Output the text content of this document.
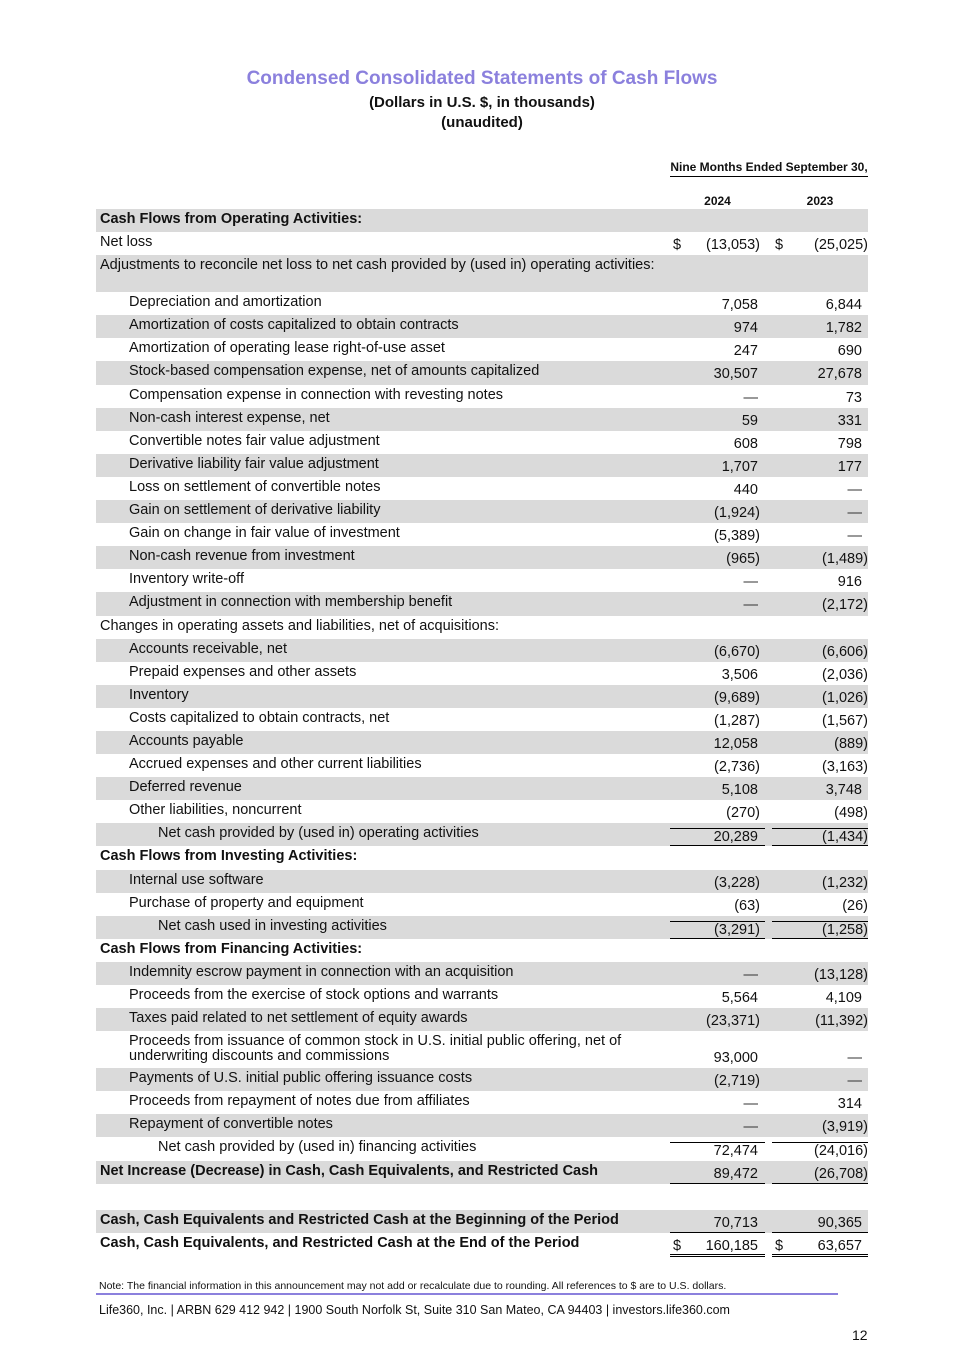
Condensed Consolidated Statements of Cash Flows
(Dollars in U.S. $, in thousands)
(unaudited)
Nine Months Ended September 30,
2024	2023
Cash Flows from Operating Activities:
Net loss	$ (13,053)	$ (25,025)
Adjustments to reconcile net loss to net cash provided by (used in) operating activities:
Depreciation and amortization	7,058	6,844
Amortization of costs capitalized to obtain contracts	974	1,782
Amortization of operating lease right-of-use asset	247	690
Stock-based compensation expense, net of amounts capitalized	30,507	27,678
Compensation expense in connection with revesting notes	—	73
Non-cash interest expense, net	59	331
Convertible notes fair value adjustment	608	798
Derivative liability fair value adjustment	1,707	177
Loss on settlement of convertible notes	440	—
Gain on settlement of derivative liability	(1,924)	—
Gain on change in fair value of investment	(5,389)	—
Non-cash revenue from investment	(965)	(1,489)
Inventory write-off	—	916
Adjustment in connection with membership benefit	—	(2,172)
Changes in operating assets and liabilities, net of acquisitions:
Accounts receivable, net	(6,670)	(6,606)
Prepaid expenses and other assets	3,506	(2,036)
Inventory	(9,689)	(1,026)
Costs capitalized to obtain contracts, net	(1,287)	(1,567)
Accounts payable	12,058	(889)
Accrued expenses and other current liabilities	(2,736)	(3,163)
Deferred revenue	5,108	3,748
Other liabilities, noncurrent	(270)	(498)
Net cash provided by (used in) operating activities	20,289	(1,434)
Cash Flows from Investing Activities:
Internal use software	(3,228)	(1,232)
Purchase of property and equipment	(63)	(26)
Net cash used in investing activities	(3,291)	(1,258)
Cash Flows from Financing Activities:
Indemnity escrow payment in connection with an acquisition	—	(13,128)
Proceeds from the exercise of stock options and warrants	5,564	4,109
Taxes paid related to net settlement of equity awards	(23,371)	(11,392)
Proceeds from issuance of common stock in U.S. initial public offering, net of underwriting discounts and commissions	93,000	—
Payments of U.S. initial public offering issuance costs	(2,719)	—
Proceeds from repayment of notes due from affiliates	—	314
Repayment of convertible notes	—	(3,919)
Net cash provided by (used in) financing activities	72,474	(24,016)
Net Increase (Decrease) in Cash, Cash Equivalents, and Restricted Cash	89,472	(26,708)
Cash, Cash Equivalents and Restricted Cash at the Beginning of the Period	70,713	90,365
Cash, Cash Equivalents, and Restricted Cash at the End of the Period	$ 160,185	$ 63,657
Note: The financial information in this announcement may not add or recalculate due to rounding. All references to $ are to U.S. dollars.
Life360, Inc. | ARBN 629 412 942 | 1900 South Norfolk St, Suite 310 San Mateo, CA 94403 | investors.life360.com
12
